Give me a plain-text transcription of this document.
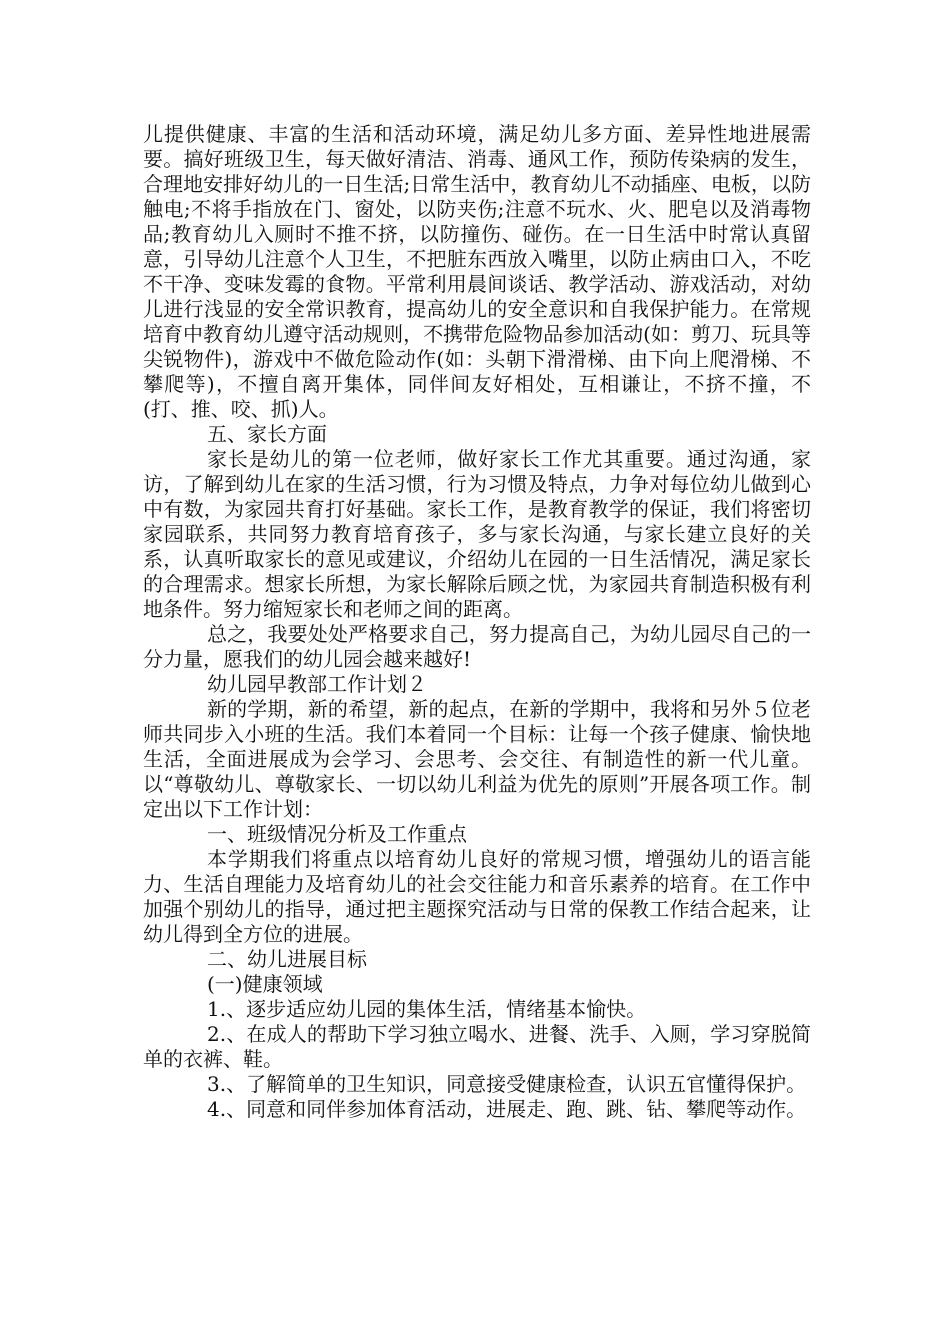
儿提供健康、丰富的生活和活动环境，满足幼儿多方面、差异性地进展需要。搞好班级卫生，每天做好清洁、消毒、通风工作，预防传染病的发生，合理地安排好幼儿的一日生活;日常生活中，教育幼儿不动插座、电板，以防触电;不将手指放在门、窗处，以防夹伤;注意不玩水、火、肥皂以及消毒物品;教育幼儿入厕时不推不挤，以防撞伤、碰伤。在一日生活中时常认真留意，引导幼儿注意个人卫生，不把脏东西放入嘴里，以防止病由口入，不吃不干净、变味发霉的食物。平常利用晨间谈话、教学活动、游戏活动，对幼儿进行浅显的安全常识教育，提高幼儿的安全意识和自我保护能力。在常规培育中教育幼儿遵守活动规则，不携带危险物品参加活动(如：剪刀、玩具等尖锐物件)，游戏中不做危险动作(如：头朝下滑滑梯、由下向上爬滑梯、不攀爬等)，不擅自离开集体，同伴间友好相处，互相谦让，不挤不撞，不(打、推、咬、抓)人。

五、家长方面

家长是幼儿的第一位老师，做好家长工作尤其重要。通过沟通，家访，了解到幼儿在家的生活习惯，行为习惯及特点，力争对每位幼儿做到心中有数，为家园共育打好基础。家长工作，是教育教学的保证，我们将密切家园联系，共同努力教育培育孩子，多与家长沟通，与家长建立良好的关系，认真听取家长的意见或建议，介绍幼儿在园的一日生活情况，满足家长的合理需求。想家长所想，为家长解除后顾之忧，为家园共育制造积极有利地条件。努力缩短家长和老师之间的距离。

总之，我要处处严格要求自己，努力提高自己，为幼儿园尽自己的一分力量，愿我们的幼儿园会越来越好!

幼儿园早教部工作计划２

新的学期，新的希望，新的起点，在新的学期中，我将和另外５位老师共同步入小班的生活。我们本着同一个目标：让每一个孩子健康、愉快地生活，全面进展成为会学习、会思考、会交往、有制造性的新一代儿童。以“尊敬幼儿、尊敬家长、一切以幼儿利益为优先的原则”开展各项工作。制定出以下工作计划：

一、班级情况分析及工作重点

本学期我们将重点以培育幼儿良好的常规习惯，增强幼儿的语言能力、生活自理能力及培育幼儿的社会交往能力和音乐素养的培育。在工作中加强个别幼儿的指导，通过把主题探究活动与日常的保教工作结合起来，让幼儿得到全方位的进展。

二、幼儿进展目标

(一)健康领域

1.、逐步适应幼儿园的集体生活，情绪基本愉快。

2.、在成人的帮助下学习独立喝水、进餐、洗手、入厕，学习穿脱简单的衣裤、鞋。

3.、了解简单的卫生知识，同意接受健康检查，认识五官懂得保护。

4.、同意和同伴参加体育活动，进展走、跑、跳、钻、攀爬等动作。
